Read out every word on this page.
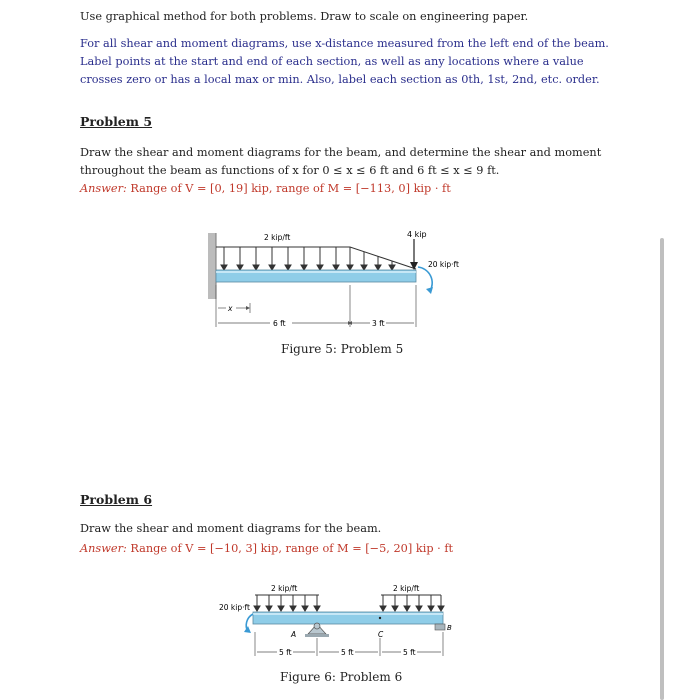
Use graphical method for both problems. Draw to scale on engineering paper.
For all shear and moment diagrams, use x-distance measured from the left end of the beam.
Label points at the start and end of each section, as well as any locations where a value
crosses zero or has a local max or min. Also, label each section as 0th, 1st, 2nd, etc. order.
Problem 5
Draw the shear and moment diagrams for the beam, and determine the shear and moment
throughout the beam as functions of x for 0 ≤ x ≤ 6 ft and 6 ft ≤ x ≤ 9 ft.
Answer: Range of V = [0, 19] kip, range of M = [−113, 0] kip · ft
4 kip
20 kip·ft
2 kip/ft
x
6 ft	3 ft
Figure 5: Problem 5
Problem 6
Draw the shear and moment diagrams for the beam.
Answer: Range of V = [−10, 3] kip, range of M = [−5, 20] kip · ft
2 kip/ft	2 kip/ft
A
B
C
20 kip·ft
5 ft	5 ft	5 ft
Figure 6: Problem 6
